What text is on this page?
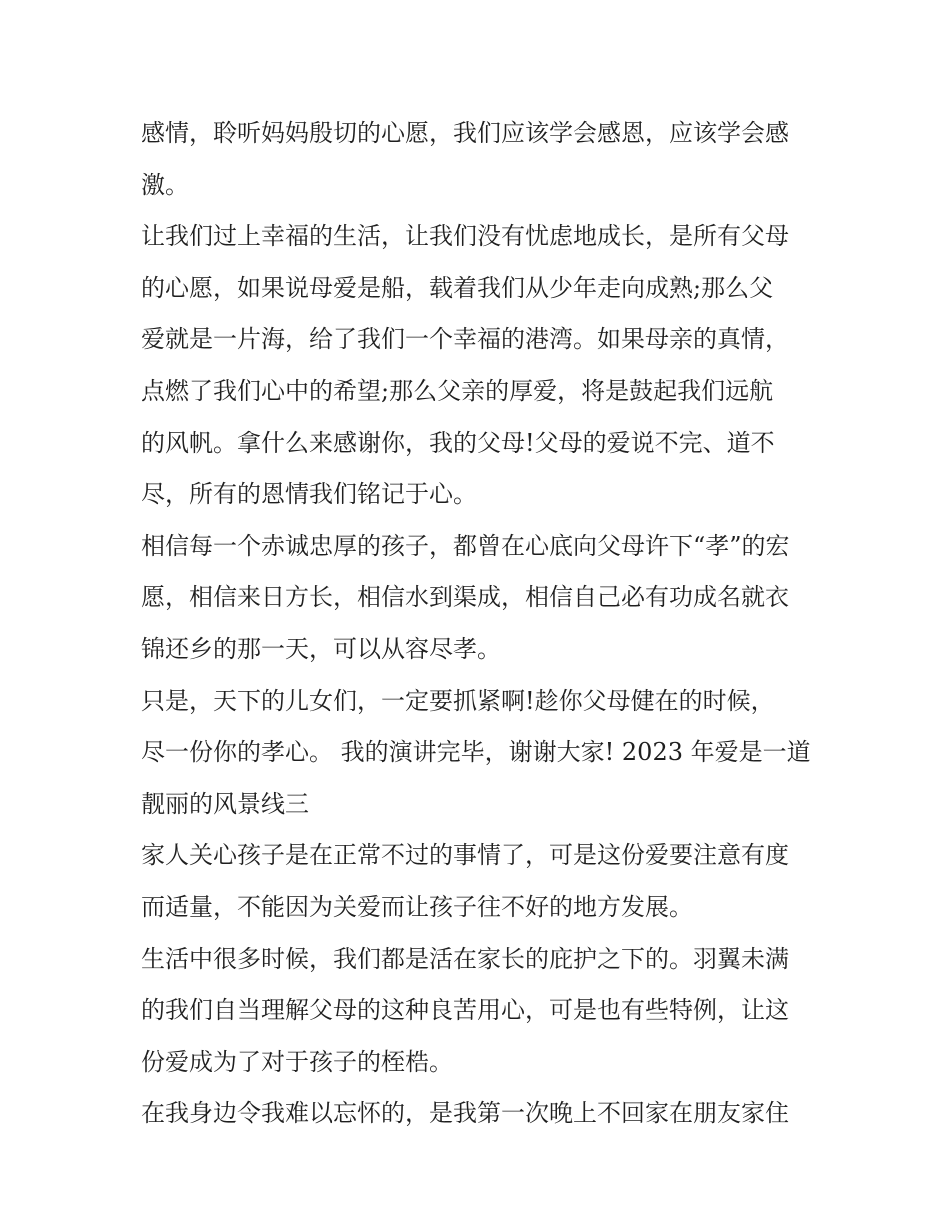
感情，聆听妈妈殷切的心愿，我们应该学会感恩，应该学会感
激。
让我们过上幸福的生活，让我们没有忧虑地成长，是所有父母
的心愿，如果说母爱是船，载着我们从少年走向成熟;那么父
爱就是一片海，给了我们一个幸福的港湾。如果母亲的真情，
点燃了我们心中的希望;那么父亲的厚爱，将是鼓起我们远航
的风帆。拿什么来感谢你，我的父母!父母的爱说不完、道不
尽，所有的恩情我们铭记于心。
相信每一个赤诚忠厚的孩子，都曾在心底向父母许下“孝”的宏
愿，相信来日方长，相信水到渠成，相信自己必有功成名就衣
锦还乡的那一天，可以从容尽孝。
只是，天下的儿女们，一定要抓紧啊!趁你父母健在的时候，
尽一份你的孝心。 我的演讲完毕，谢谢大家! 2023 年爱是一道
靓丽的风景线三
家人关心孩子是在正常不过的事情了，可是这份爱要注意有度
而适量，不能因为关爱而让孩子往不好的地方发展。
生活中很多时候，我们都是活在家长的庇护之下的。羽翼未满
的我们自当理解父母的这种良苦用心，可是也有些特例，让这
份爱成为了对于孩子的桎梏。
在我身边令我难以忘怀的，是我第一次晚上不回家在朋友家住
